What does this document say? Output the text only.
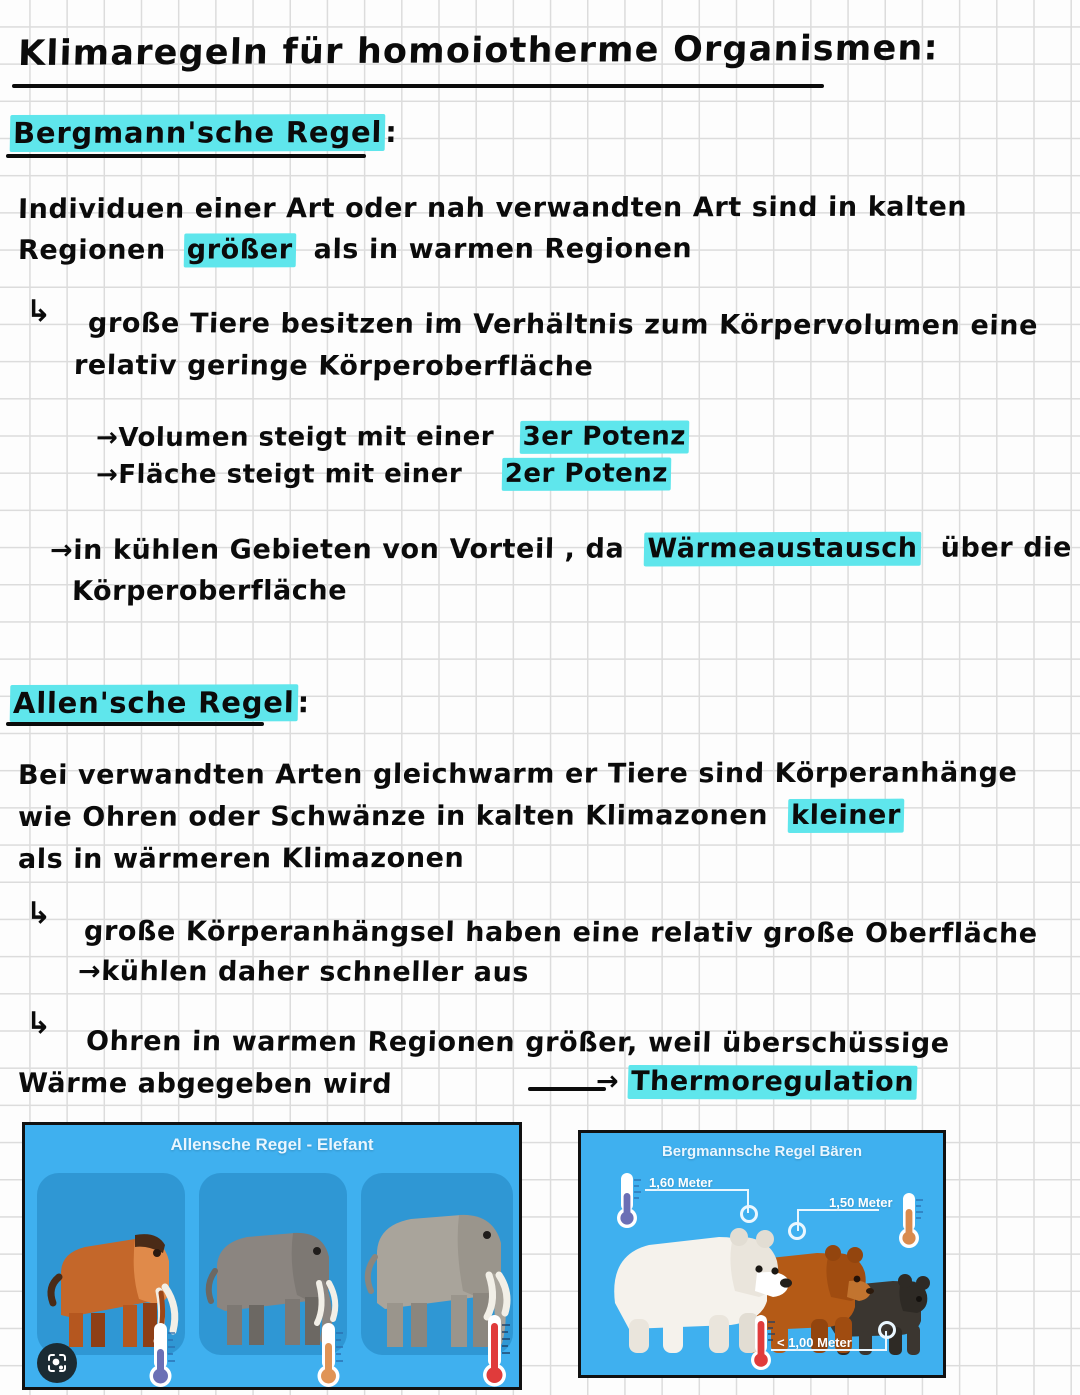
Klimaregeln für homoiotherme Organismen:
Bergmann'sche Regel:
Individuen einer Art oder nah verwandten Art sind in kalten
Regionen größer als in warmen Regionen
↳ große Tiere besitzen im Verhältnis zum Körpervolumen eine
relativ geringe Körperoberfläche
→Volumen steigt mit einer 3er Potenz
→Fläche steigt mit einer 2er Potenz
→in kühlen Gebieten von Vorteil , da Wärmeaustausch über die
Körperoberfläche
Allen'sche Regel:
Bei verwandten Arten gleichwarm er Tiere sind Körperanhänge
wie Ohren oder Schwänze in kalten Klimazonen kleiner
als in wärmeren Klimazonen
↳
große Körperanhängsel haben eine relativ große Oberfläche
→kühlen daher schneller aus
↳
Ohren in warmen Regionen größer, weil überschüssige
Wärme abgegeben wird	→ Thermoregulation
Allensche Regel - Elefant	Bergmannsche Regel Bären
1,60 Meter
1,50 Meter
< 1,00 Meter
